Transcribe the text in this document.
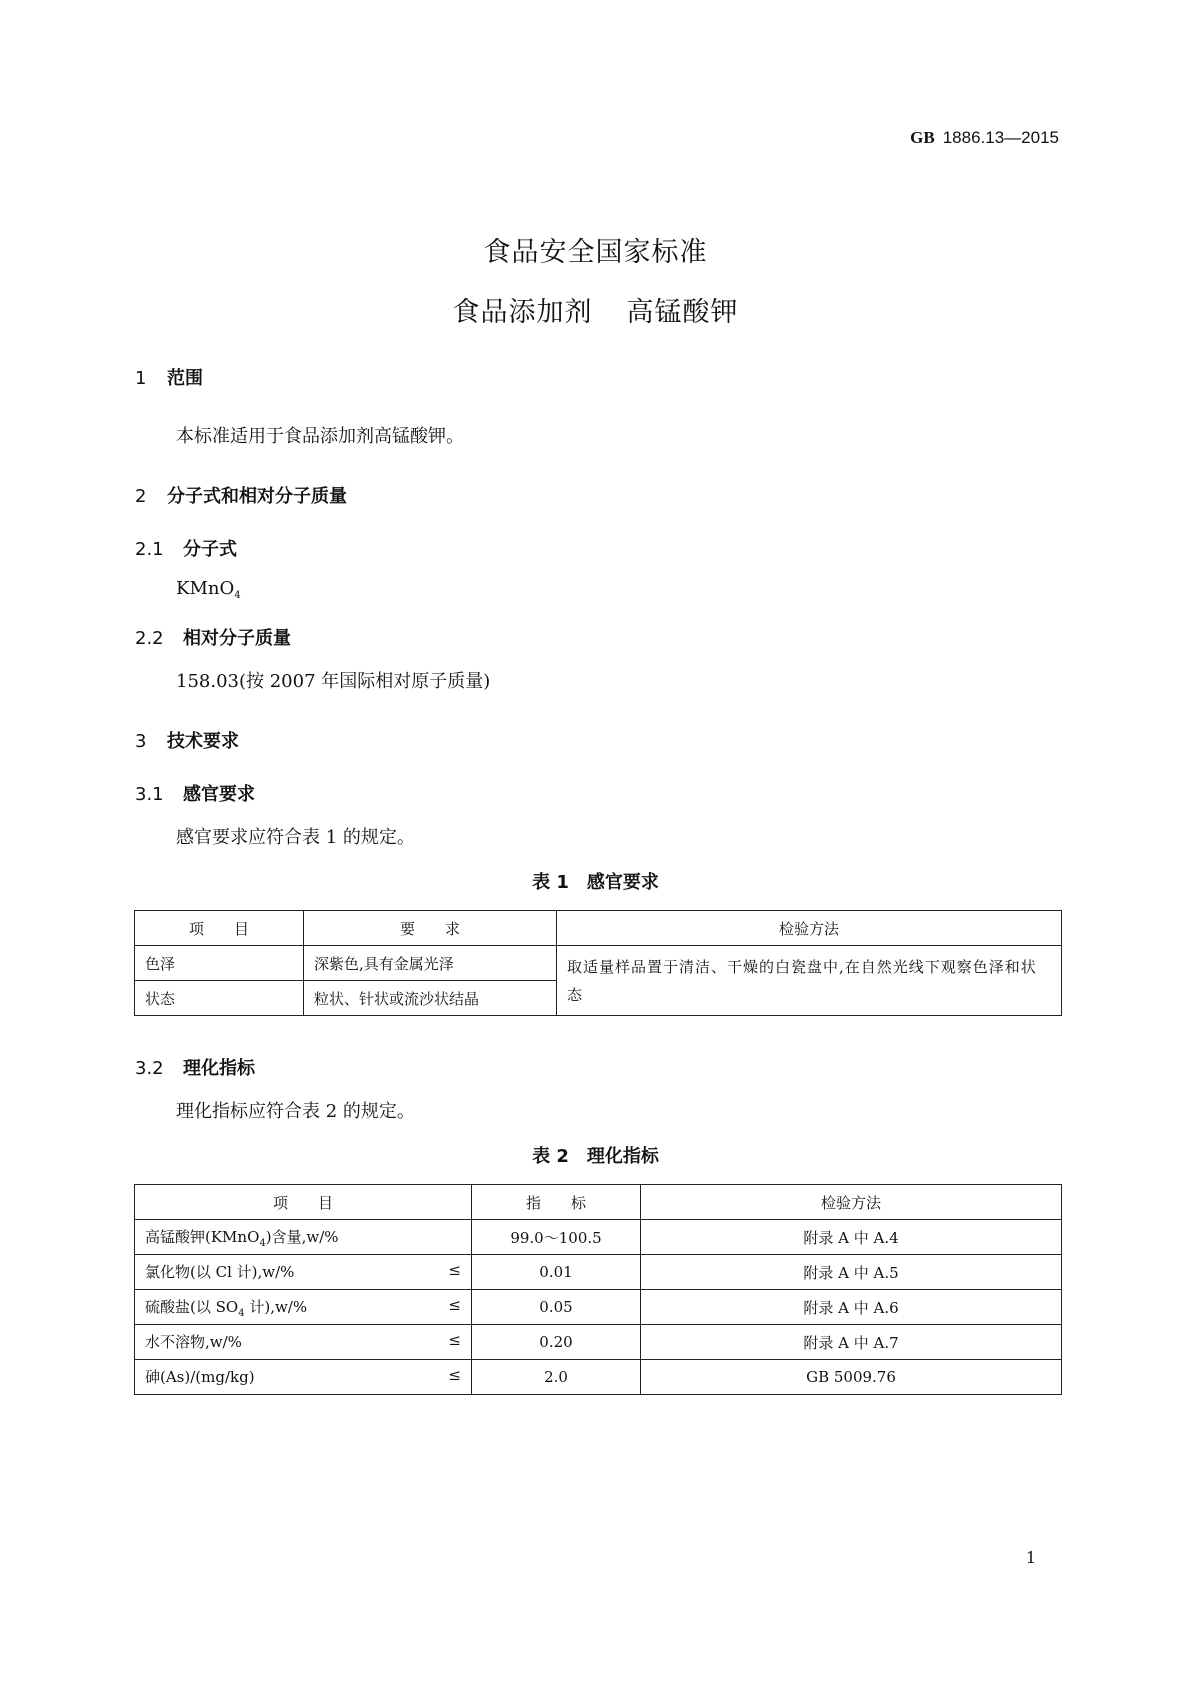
GB 1886.13—2015
食品安全国家标准
食品添加剂 高锰酸钾
1 范围
本标准适用于食品添加剂高锰酸钾。
2 分子式和相对分子质量
2.1 分子式
KMnO$_4$
2.2 相对分子质量
158.03(按 2007 年国际相对原子质量)
3 技术要求
3.1 感官要求
感官要求应符合表 1 的规定。
表 1 感官要求
项　　目	要　　求	检验方法
色泽	深紫色,具有金属光泽	取适量样品置于清洁、干燥的白瓷盘中,在自然光线下观察色泽和状态
状态	粒状、针状或流沙状结晶	
3.2 理化指标
理化指标应符合表 2 的规定。
表 2 理化指标
项　　目	指　　标	检验方法
高锰酸钾(KMnO$_4$)含量,w/%	99.0～100.5	附录 A 中 A.4
氯化物(以 Cl 计),w/% ≤	0.01	附录 A 中 A.5
硫酸盐(以 $SO_4$ 计),w/% ≤	0.05	附录 A 中 A.6
水不溶物,w/% ≤	0.20	附录 A 中 A.7
砷(As)/(mg/kg) ≤	2.0	GB 5009.76
1
